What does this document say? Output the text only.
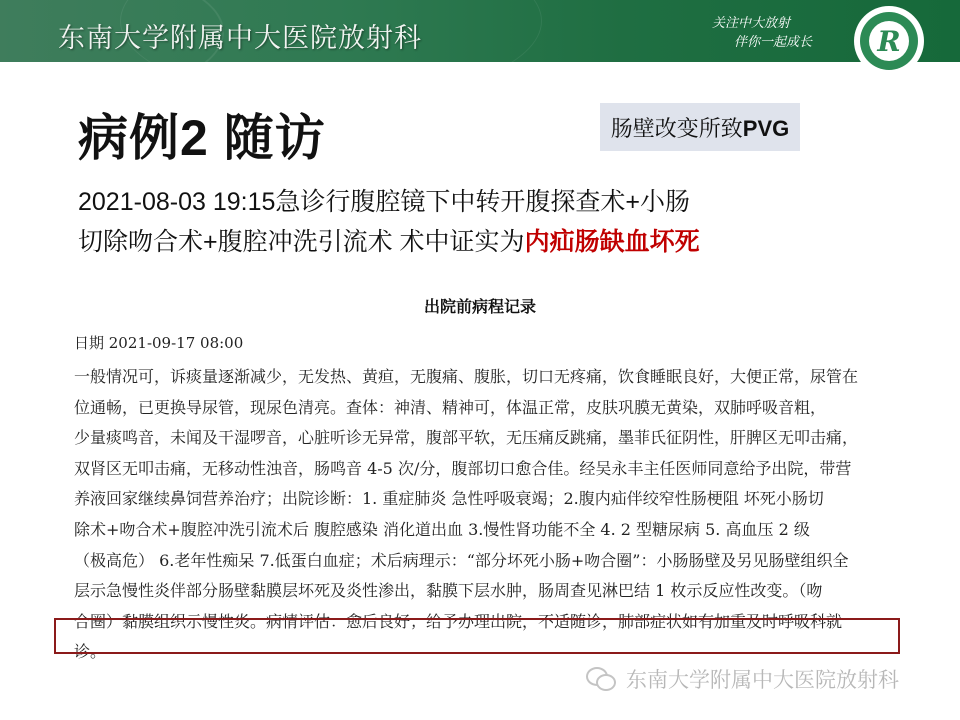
东南大学附属中大医院放射科	关注中大放射
伴你一起成长 R
病例2 随访	肠壁改变所致PVG
2021-08-03 19:15急诊行腹腔镜下中转开腹探查术+小肠
切除吻合术+腹腔冲洗引流术 术中证实为内疝肠缺血坏死
出院前病程记录
日期 2021-09-17 08:00
一般情况可，诉痰量逐渐减少，无发热、黄疸，无腹痛、腹胀，切口无疼痛，饮食睡眠良好，大便正常，尿管在
位通畅，已更换导尿管，现尿色清亮。查体：神清、精神可，体温正常，皮肤巩膜无黄染，双肺呼吸音粗，
少量痰鸣音，未闻及干湿啰音，心脏听诊无异常，腹部平软，无压痛反跳痛，墨菲氏征阴性，肝脾区无叩击痛，
双肾区无叩击痛，无移动性浊音，肠鸣音 4-5 次/分，腹部切口愈合佳。经吴永丰主任医师同意给予出院，带营
养液回家继续鼻饲营养治疗；出院诊断：1. 重症肺炎 急性呼吸衰竭；2.腹内疝伴绞窄性肠梗阻 坏死小肠切
除术+吻合术+腹腔冲洗引流术后 腹腔感染 消化道出血 3.慢性肾功能不全 4. 2 型糖尿病 5. 高血压 2 级
（极高危） 6.老年性痴呆 7.低蛋白血症；术后病理示：“部分坏死小肠+吻合圈”：小肠肠壁及另见肠壁组织全
层示急慢性炎伴部分肠壁黏膜层坏死及炎性渗出，黏膜下层水肿，肠周查见淋巴结 1 枚示反应性改变。（吻
合圈）黏膜组织示慢性炎。病情评估：愈后良好；给予办理出院，不适随诊，肺部症状如有加重及时呼吸科就
诊。
东南大学附属中大医院放射科
